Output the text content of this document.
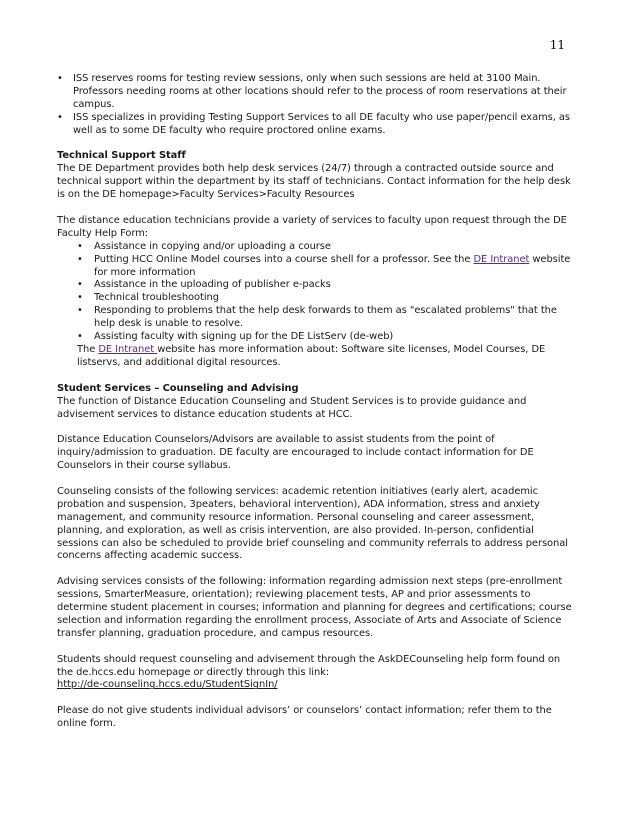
11

• ISS reserves rooms for testing review sessions, only when such sessions are held at 3100 Main. Professors needing rooms at other locations should refer to the process of room reservations at their campus.

• ISS specializes in providing Testing Support Services to all DE faculty who use paper/pencil exams, as well as to some DE faculty who require proctored online exams.

Technical Support Staff

The DE Department provides both help desk services (24/7) through a contracted outside source and technical support within the department by its staff of technicians. Contact information for the help desk is on the DE homepage>Faculty Services>Faculty Resources

The distance education technicians provide a variety of services to faculty upon request through the DE Faculty Help Form:

• Assistance in copying and/or uploading a course

• Putting HCC Online Model courses into a course shell for a professor. See the DE Intranet website for more information

• Assistance in the uploading of publisher e-packs

• Technical troubleshooting

• Responding to problems that the help desk forwards to them as "escalated problems" that the help desk is unable to resolve.

• Assisting faculty with signing up for the DE ListServ (de-web)

The DE Intranet website has more information about: Software site licenses, Model Courses, DE listservs, and additional digital resources.

Student Services – Counseling and Advising

The function of Distance Education Counseling and Student Services is to provide guidance and advisement services to distance education students at HCC.

Distance Education Counselors/Advisors are available to assist students from the point of inquiry/admission to graduation. DE faculty are encouraged to include contact information for DE Counselors in their course syllabus.

Counseling consists of the following services: academic retention initiatives (early alert, academic probation and suspension, 3peaters, behavioral intervention), ADA information, stress and anxiety management, and community resource information. Personal counseling and career assessment, planning, and exploration, as well as crisis intervention, are also provided. In-person, confidential sessions can also be scheduled to provide brief counseling and community referrals to address personal concerns affecting academic success.

Advising services consists of the following: information regarding admission next steps (pre-enrollment sessions, SmarterMeasure, orientation); reviewing placement tests, AP and prior assessments to determine student placement in courses; information and planning for degrees and certifications; course selection and information regarding the enrollment process, Associate of Arts and Associate of Science transfer planning, graduation procedure, and campus resources.

Students should request counseling and advisement through the AskDECounseling help form found on the de.hccs.edu homepage or directly through this link:

http://de-counseling.hccs.edu/StudentSignIn/

Please do not give students individual advisors’ or counselors’ contact information; refer them to the online form.
